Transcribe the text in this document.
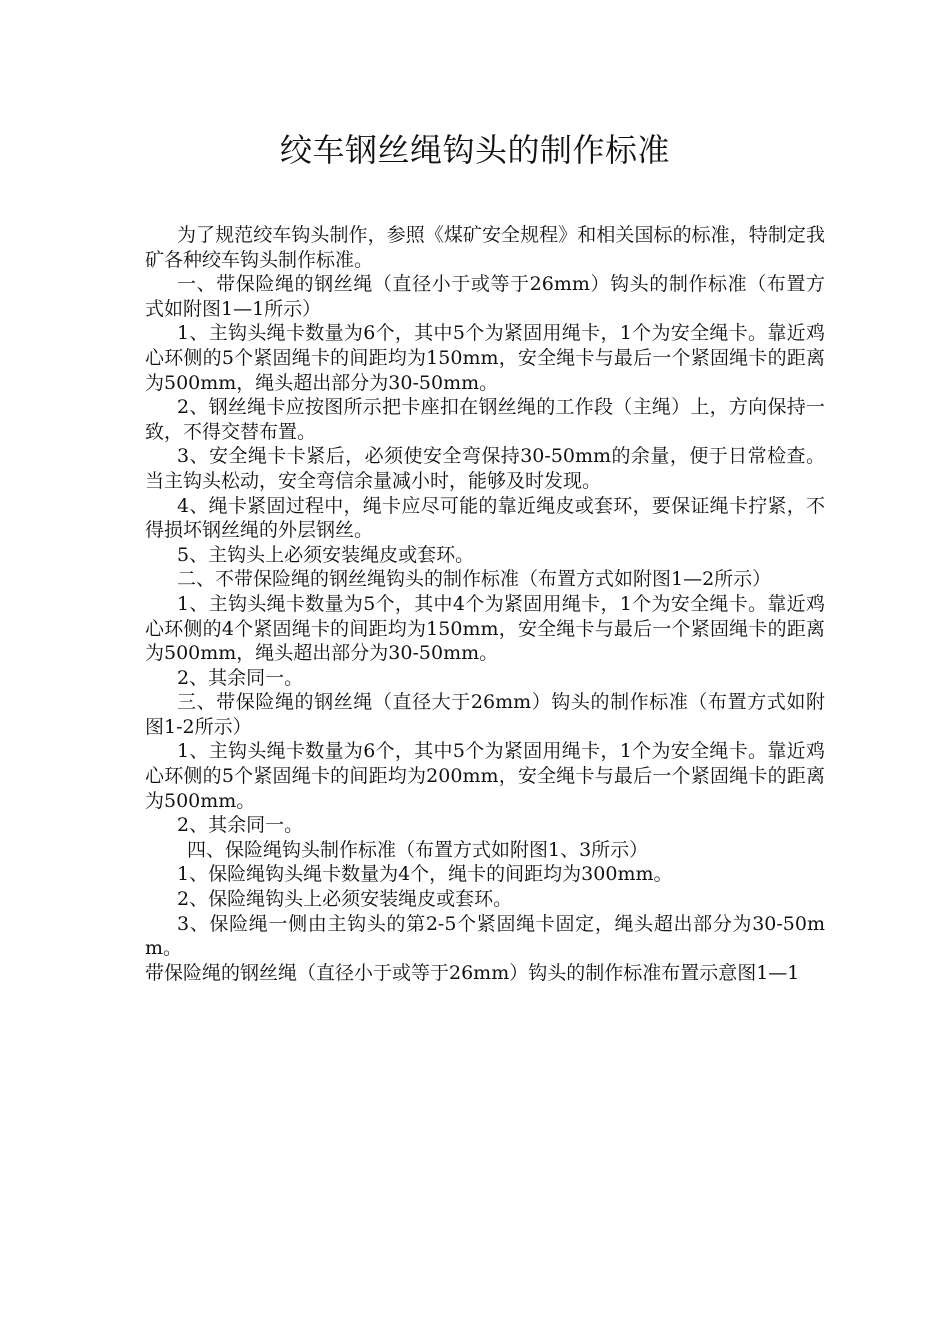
绞车钢丝绳钩头的制作标准

为了规范绞车钩头制作，参照《煤矿安全规程》和相关国标的标准，特制定我矿各种绞车钩头制作标准。

一、带保险绳的钢丝绳（直径小于或等于26mm）钩头的制作标准（布置方式如附图1—1所示）

1、主钩头绳卡数量为6个，其中5个为紧固用绳卡，1个为安全绳卡。靠近鸡心环侧的5个紧固绳卡的间距均为150mm，安全绳卡与最后一个紧固绳卡的距离为500mm，绳头超出部分为30-50mm。

2、钢丝绳卡应按图所示把卡座扣在钢丝绳的工作段（主绳）上，方向保持一致，不得交替布置。

3、安全绳卡卡紧后，必须使安全弯保持30-50mm的余量，便于日常检查。当主钩头松动，安全弯信余量减小时，能够及时发现。

4、绳卡紧固过程中，绳卡应尽可能的靠近绳皮或套环，要保证绳卡拧紧，不得损坏钢丝绳的外层钢丝。

5、主钩头上必须安装绳皮或套环。

二、不带保险绳的钢丝绳钩头的制作标准（布置方式如附图1—2所示）

1、主钩头绳卡数量为5个，其中4个为紧固用绳卡，1个为安全绳卡。靠近鸡心环侧的4个紧固绳卡的间距均为150mm，安全绳卡与最后一个紧固绳卡的距离为500mm，绳头超出部分为30-50mm。

2、其余同一。

三、带保险绳的钢丝绳（直径大于26mm）钩头的制作标准（布置方式如附图1-2所示）

1、主钩头绳卡数量为6个，其中5个为紧固用绳卡，1个为安全绳卡。靠近鸡心环侧的5个紧固绳卡的间距均为200mm，安全绳卡与最后一个紧固绳卡的距离为500mm。

2、其余同一。

四、保险绳钩头制作标准（布置方式如附图1、3所示）

1、保险绳钩头绳卡数量为4个，绳卡的间距均为300mm。

2、保险绳钩头上必须安装绳皮或套环。

3、保险绳一侧由主钩头的第2-5个紧固绳卡固定，绳头超出部分为30-50mm。

带保险绳的钢丝绳（直径小于或等于26mm）钩头的制作标准布置示意图1—1
